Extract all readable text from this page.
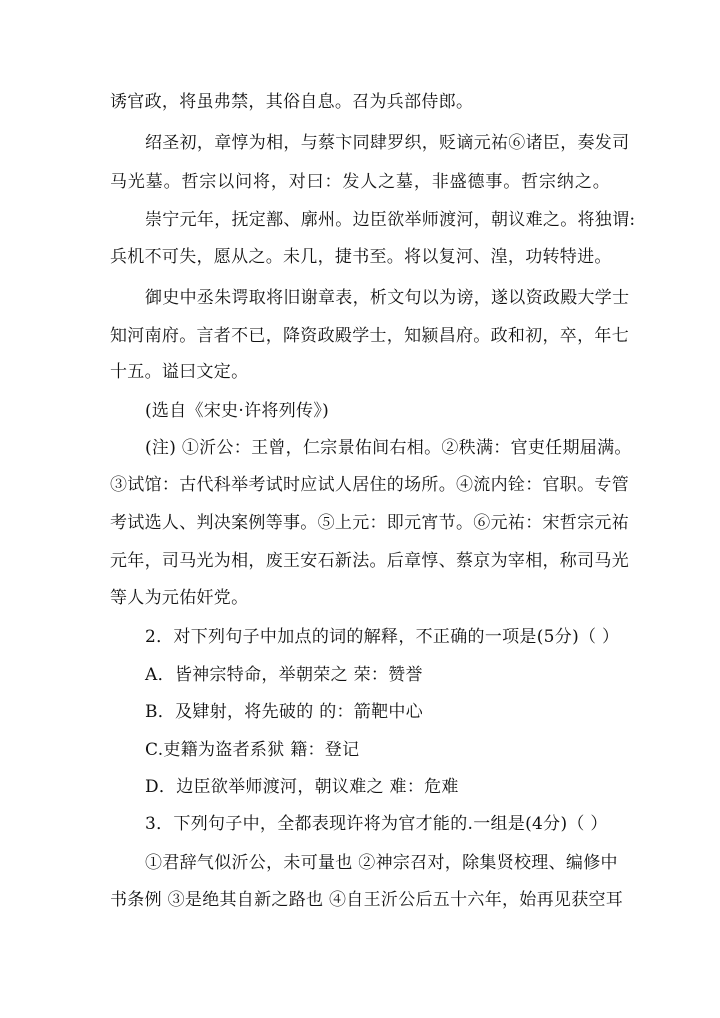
诱官政，将虽弗禁，其俗自息。召为兵部侍郎。
绍圣初，章惇为相，与蔡卞同肆罗织，贬谪元祐⑥诸臣，奏发司
马光墓。哲宗以问将，对曰：发人之墓，非盛德事。哲宗纳之。
崇宁元年，抚定鄯、廓州。边臣欲举师渡河，朝议难之。将独谓:
兵机不可失，愿从之。未几，捷书至。将以复河、湟，功转特进。
御史中丞朱谔取将旧谢章表，析文句以为谤，遂以资政殿大学士
知河南府。言者不已，降资政殿学士，知颍昌府。政和初，卒，年七
十五。谥曰文定。
(选自《宋史·许将列传》)
(注) ①沂公：王曾，仁宗景佑间右相。②秩满：官吏任期届满。
③试馆：古代科举考试时应试人居住的场所。④流内铨：官职。专管
考试选人、判决案例等事。⑤上元：即元宵节。⑥元祐：宋哲宗元祐
元年，司马光为相，废王安石新法。后章惇、蔡京为宰相，称司马光
等人为元佑奸党。
2．对下列句子中加点的词的解释，不正确的一项是(5分)（ ）
A．皆神宗特命，举朝荣之 荣：赞誉
B．及肄射，将先破的 的：箭靶中心
C.吏籍为盗者系狱 籍：登记
D．边臣欲举师渡河，朝议难之 难：危难
3．下列句子中，全都表现许将为官才能的.一组是(4分)（ ）
①君辞气似沂公，未可量也 ②神宗召对，除集贤校理、编修中
书条例 ③是绝其自新之路也 ④自王沂公后五十六年，始再见获空耳
